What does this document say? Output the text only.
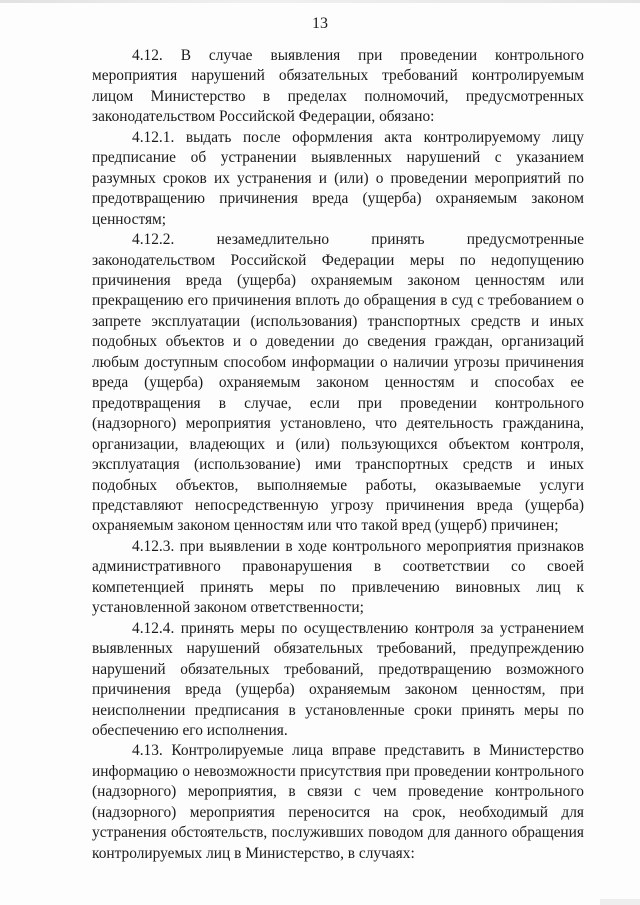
13

4.12. В случае выявления при проведении контрольного мероприятия нарушений обязательных требований контролируемым лицом Министерство в пределах полномочий, предусмотренных законодательством Российской Федерации, обязано:

4.12.1. выдать после оформления акта контролируемому лицу предписание об устранении выявленных нарушений с указанием разумных сроков их устранения и (или) о проведении мероприятий по предотвращению причинения вреда (ущерба) охраняемым законом ценностям;

4.12.2. незамедлительно принять предусмотренные законодательством Российской Федерации меры по недопущению причинения вреда (ущерба) охраняемым законом ценностям или прекращению его причинения вплоть до обращения в суд с требованием о запрете эксплуатации (использования) транспортных средств и иных подобных объектов и о доведении до сведения граждан, организаций любым доступным способом информации о наличии угрозы причинения вреда (ущерба) охраняемым законом ценностям и способах ее предотвращения в случае, если при проведении контрольного (надзорного) мероприятия установлено, что деятельность гражданина, организации, владеющих и (или) пользующихся объектом контроля, эксплуатация (использование) ими транспортных средств и иных подобных объектов, выполняемые работы, оказываемые услуги представляют непосредственную угрозу причинения вреда (ущерба) охраняемым законом ценностям или что такой вред (ущерб) причинен;

4.12.3. при выявлении в ходе контрольного мероприятия признаков административного правонарушения в соответствии со своей компетенцией принять меры по привлечению виновных лиц к установленной законом ответственности;

4.12.4. принять меры по осуществлению контроля за устранением выявленных нарушений обязательных требований, предупреждению нарушений обязательных требований, предотвращению возможного причинения вреда (ущерба) охраняемым законом ценностям, при неисполнении предписания в установленные сроки принять меры по обеспечению его исполнения.

4.13. Контролируемые лица вправе представить в Министерство информацию о невозможности присутствия при проведении контрольного (надзорного) мероприятия, в связи с чем проведение контрольного (надзорного) мероприятия переносится на срок, необходимый для устранения обстоятельств, послуживших поводом для данного обращения контролируемых лиц в Министерство, в случаях:
